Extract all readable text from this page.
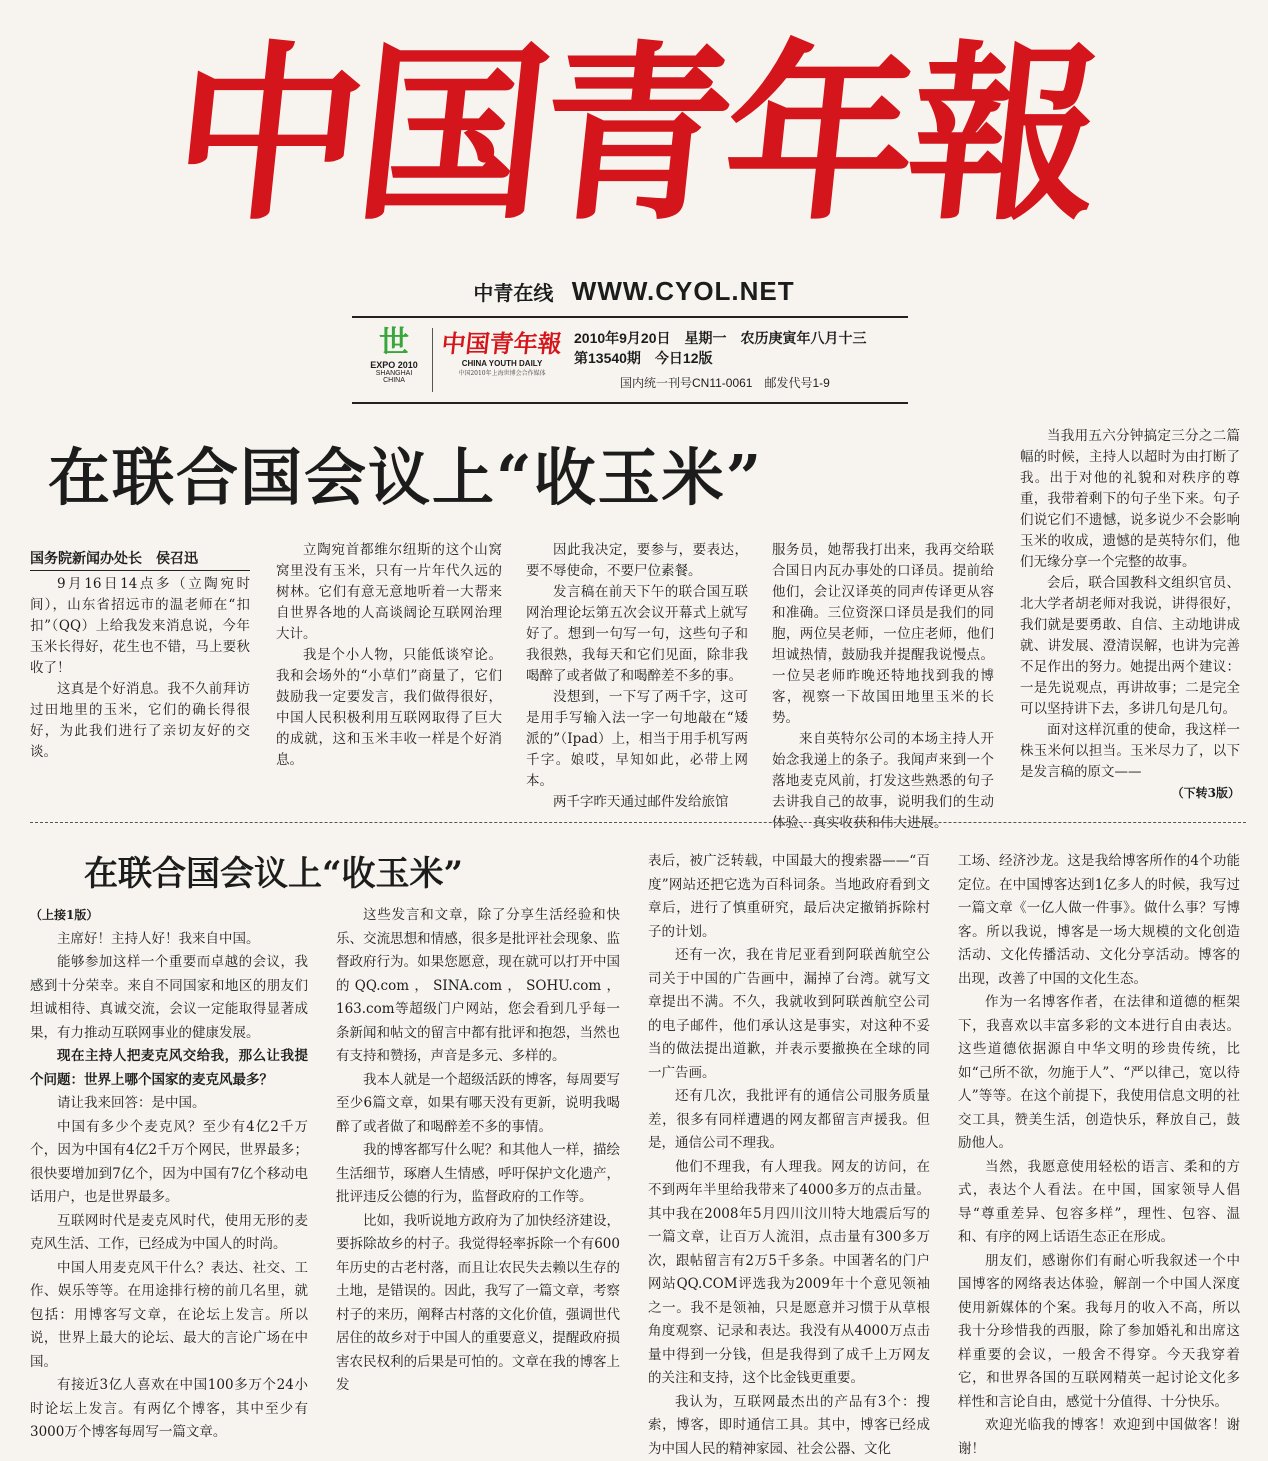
中国青年報
中青在线 WWW.CYOL.NET
世
EXPO 2010
SHANGHAI CHINA
中国青年報
CHINA YOUTH DAILY
中国2010年上海世博会合作媒体
2010年9月20日　星期一　农历庚寅年八月十三
第13540期　今日12版
国内统一刊号CN11-0061　邮发代号1-9
在联合国会议上“收玉米”
国务院新闻办处长　侯召迅

9月16日14点多（立陶宛时间），山东省招远市的温老师在“扣扣”（QQ）上给我发来消息说，今年玉米长得好，花生也不错，马上要秋收了！

这真是个好消息。我不久前拜访过田地里的玉米，它们的确长得很好，为此我们进行了亲切友好的交谈。

立陶宛首都维尔纽斯的这个山窝窝里没有玉米，只有一片年代久远的树林。它们有意无意地听着一大帮来自世界各地的人高谈阔论互联网治理大计。

我是个小人物，只能低谈窄论。我和会场外的“小草们”商量了，它们鼓励我一定要发言，我们做得很好，中国人民积极利用互联网取得了巨大的成就，这和玉米丰收一样是个好消息。

因此我决定，要参与，要表达，要不辱使命，不要尸位素餐。

发言稿在前天下午的联合国互联网治理论坛第五次会议开幕式上就写好了。想到一句写一句，这些句子和我很熟，我每天和它们见面，除非我喝醉了或者做了和喝醉差不多的事。

没想到，一下写了两千字，这可是用手写输入法一字一句地敲在“矮派的”（Ipad）上，相当于用手机写两千字。娘哎，早知如此，必带上网本。

两千字昨天通过邮件发给旅馆

服务员，她帮我打出来，我再交给联合国日内瓦办事处的口译员。提前给他们，会让汉译英的同声传译更从容和准确。三位资深口译员是我们的同胞，两位吴老师，一位庄老师，他们坦诚热情，鼓励我并提醒我说慢点。一位吴老师昨晚还特地找到我的博客，视察一下故国田地里玉米的长势。

来自英特尔公司的本场主持人开始念我递上的条子。我闻声来到一个落地麦克风前，打发这些熟悉的句子去讲我自己的故事，说明我们的生动体验、真实收获和伟大进展。

当我用五六分钟搞定三分之二篇幅的时候，主持人以超时为由打断了我。出于对他的礼貌和对秩序的尊重，我带着剩下的句子坐下来。句子们说它们不遗憾，说多说少不会影响玉米的收成，遗憾的是英特尔们，他们无缘分享一个完整的故事。

会后，联合国教科文组织官员、北大学者胡老师对我说，讲得很好，我们就是要勇敢、自信、主动地讲成就、讲发展、澄清误解，也讲为完善不足作出的努力。她提出两个建议：一是先说观点，再讲故事；二是完全可以坚持讲下去，多讲几句是几句。

面对这样沉重的使命，我这样一株玉米何以担当。玉米尽力了，以下是发言稿的原文——

（下转3版）
在联合国会议上“收玉米”
（上接1版）

主席好！主持人好！我来自中国。

能够参加这样一个重要而卓越的会议，我感到十分荣幸。来自不同国家和地区的朋友们坦诚相待、真诚交流，会议一定能取得显著成果，有力推动互联网事业的健康发展。

现在主持人把麦克风交给我，那么让我提个问题：世界上哪个国家的麦克风最多？

请让我来回答：是中国。

中国有多少个麦克风？至少有4亿2千万个，因为中国有4亿2千万个网民，世界最多；很快要增加到7亿个，因为中国有7亿个移动电话用户，也是世界最多。

互联网时代是麦克风时代，使用无形的麦克风生活、工作，已经成为中国人的时尚。

中国人用麦克风干什么？表达、社交、工作、娱乐等等。在用途排行榜的前几名里，就包括：用博客写文章，在论坛上发言。所以说，世界上最大的论坛、最大的言论广场在中国。

有接近3亿人喜欢在中国100多万个24小时论坛上发言。有两亿个博客，其中至少有3000万个博客每周写一篇文章。

这些发言和文章，除了分享生活经验和快乐、交流思想和情感，很多是批评社会现象、监督政府行为。如果您愿意，现在就可以打开中国的QQ.com，SINA.com，SOHU.com，163.com等超级门户网站，您会看到几乎每一条新闻和帖文的留言中都有批评和抱怨，当然也有支持和赞扬，声音是多元、多样的。

我本人就是一个超级活跃的博客，每周要写至少6篇文章，如果有哪天没有更新，说明我喝醉了或者做了和喝醉差不多的事情。

我的博客都写什么呢？和其他人一样，描绘生活细节，琢磨人生情感，呼吁保护文化遗产，批评违反公德的行为，监督政府的工作等。

比如，我听说地方政府为了加快经济建设，要拆除故乡的村子。我觉得轻率拆除一个有600年历史的古老村落，而且让农民失去赖以生存的土地，是错误的。因此，我写了一篇文章，考察村子的来历，阐释古村落的文化价值，强调世代居住的故乡对于中国人的重要意义，提醒政府损害农民权利的后果是可怕的。文章在我的博客上发

表后，被广泛转载，中国最大的搜索器——“百度”网站还把它选为百科词条。当地政府看到文章后，进行了慎重研究，最后决定撤销拆除村子的计划。

还有一次，我在肯尼亚看到阿联酋航空公司关于中国的广告画中，漏掉了台湾。就写文章提出不满。不久，我就收到阿联酋航空公司的电子邮件，他们承认这是事实，对这种不妥当的做法提出道歉，并表示要撤换在全球的同一广告画。

还有几次，我批评有的通信公司服务质量差，很多有同样遭遇的网友都留言声援我。但是，通信公司不理我。

他们不理我，有人理我。网友的访问，在不到两年半里给我带来了4000多万的点击量。其中我在2008年5月四川汶川特大地震后写的一篇文章，让百万人流泪，点击量有300多万次，跟帖留言有2万5千多条。中国著名的门户网站QQ.COM评选我为2009年十个意见领袖之一。我不是领袖，只是愿意并习惯于从草根角度观察、记录和表达。我没有从4000万点击量中得到一分钱，但是我得到了成千上万网友的关注和支持，这个比金钱更重要。

我认为，互联网最杰出的产品有3个：搜索，博客，即时通信工具。其中，博客已经成为中国人民的精神家园、社会公器、文化

工场、经济沙龙。这是我给博客所作的4个功能定位。在中国博客达到1亿多人的时候，我写过一篇文章《一亿人做一件事》。做什么事？写博客。所以我说，博客是一场大规模的文化创造活动、文化传播活动、文化分享活动。博客的出现，改善了中国的文化生态。

作为一名博客作者，在法律和道德的框架下，我喜欢以丰富多彩的文本进行自由表达。这些道德依据源自中华文明的珍贵传统，比如“己所不欲，勿施于人”、“严以律己，宽以待人”等等。在这个前提下，我使用信息文明的社交工具，赞美生活，创造快乐，释放自己，鼓励他人。

当然，我愿意使用轻松的语言、柔和的方式，表达个人看法。在中国，国家领导人倡导“尊重差异、包容多样”，理性、包容、温和、有序的网上话语生态正在形成。

朋友们，感谢你们有耐心听我叙述一个中国博客的网络表达体验，解剖一个中国人深度使用新媒体的个案。我每月的收入不高，所以我十分珍惜我的西服，除了参加婚礼和出席这样重要的会议，一般舍不得穿。今天我穿着它，和世界各国的互联网精英一起讨论文化多样性和言论自由，感觉十分值得、十分快乐。

欢迎光临我的博客！欢迎到中国做客！谢谢！
